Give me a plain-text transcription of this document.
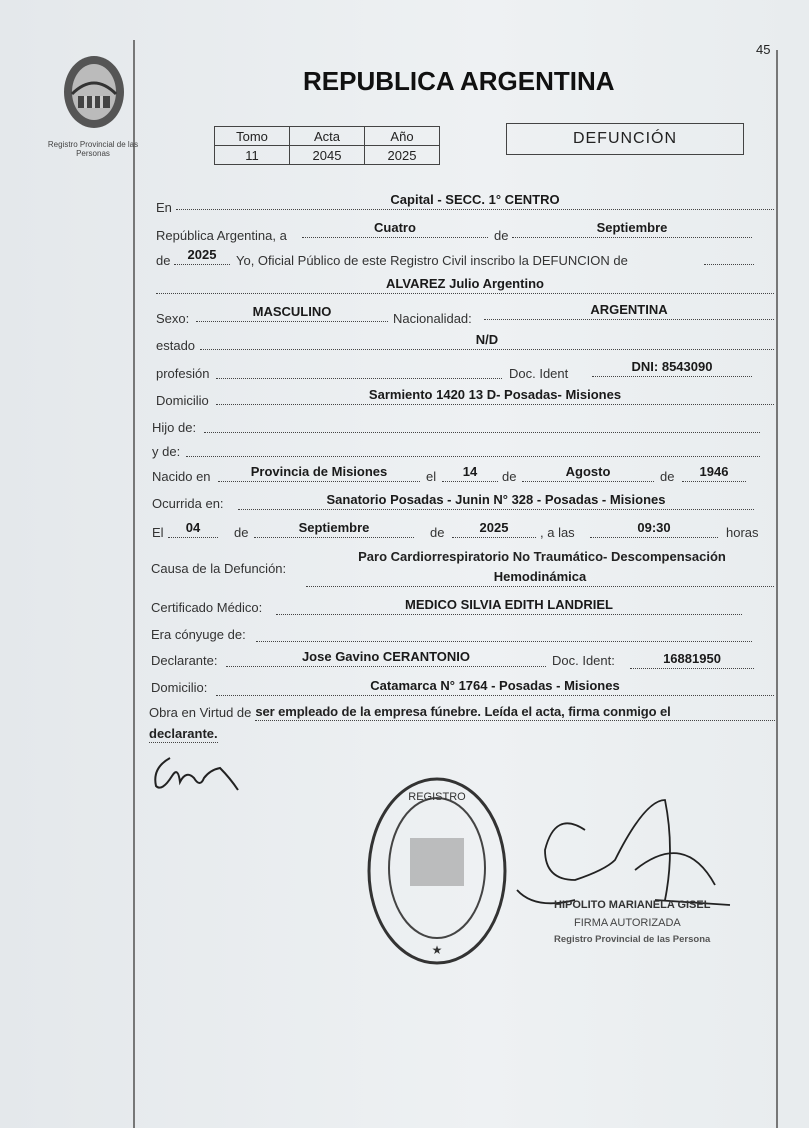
45
Registro Provincial de las Personas
REPUBLICA ARGENTINA
Tomo	Acta	Año
11	2045	2025
DEFUNCIÓN
En
Capital - SECC. 1° CENTRO
República Argentina, a
Cuatro
de
Septiembre
de	2025	Yo, Oficial Público de este Registro Civil inscribo la DEFUNCION de
ALVAREZ Julio Argentino
Sexo:	MASCULINO	Nacionalidad:
ARGENTINA
estado	N/D
profesión	Doc. Ident	DNI: 8543090
Domicilio	Sarmiento 1420 13 D- Posadas- Misiones
Hijo de:
y de:
Nacido en	Provincia de Misiones	el	14	de	Agosto	de	1946
Ocurrida en:	Sanatorio Posadas - Junin N° 328 - Posadas - Misiones
El	04	de	Septiembre	de	2025	, a las	09:30	horas
Causa de la Defunción:
Paro Cardiorrespiratorio No Traumático- Descompensación
Hemodinámica
Certificado Médico:	MEDICO SILVIA EDITH LANDRIEL
Era cónyuge de:
Declarante:	Jose Gavino CERANTONIO	Doc. Ident:	16881950
Domicilio:	Catamarca N° 1764 - Posadas - Misiones
Obra en Virtud de ser empleado de la empresa fúnebre. Leída el acta, firma conmigo el
declarante.
REGISTRO
★
HIPOLITO MARIANELA GISEL
FIRMA AUTORIZADA
Registro Provincial de las Persona
